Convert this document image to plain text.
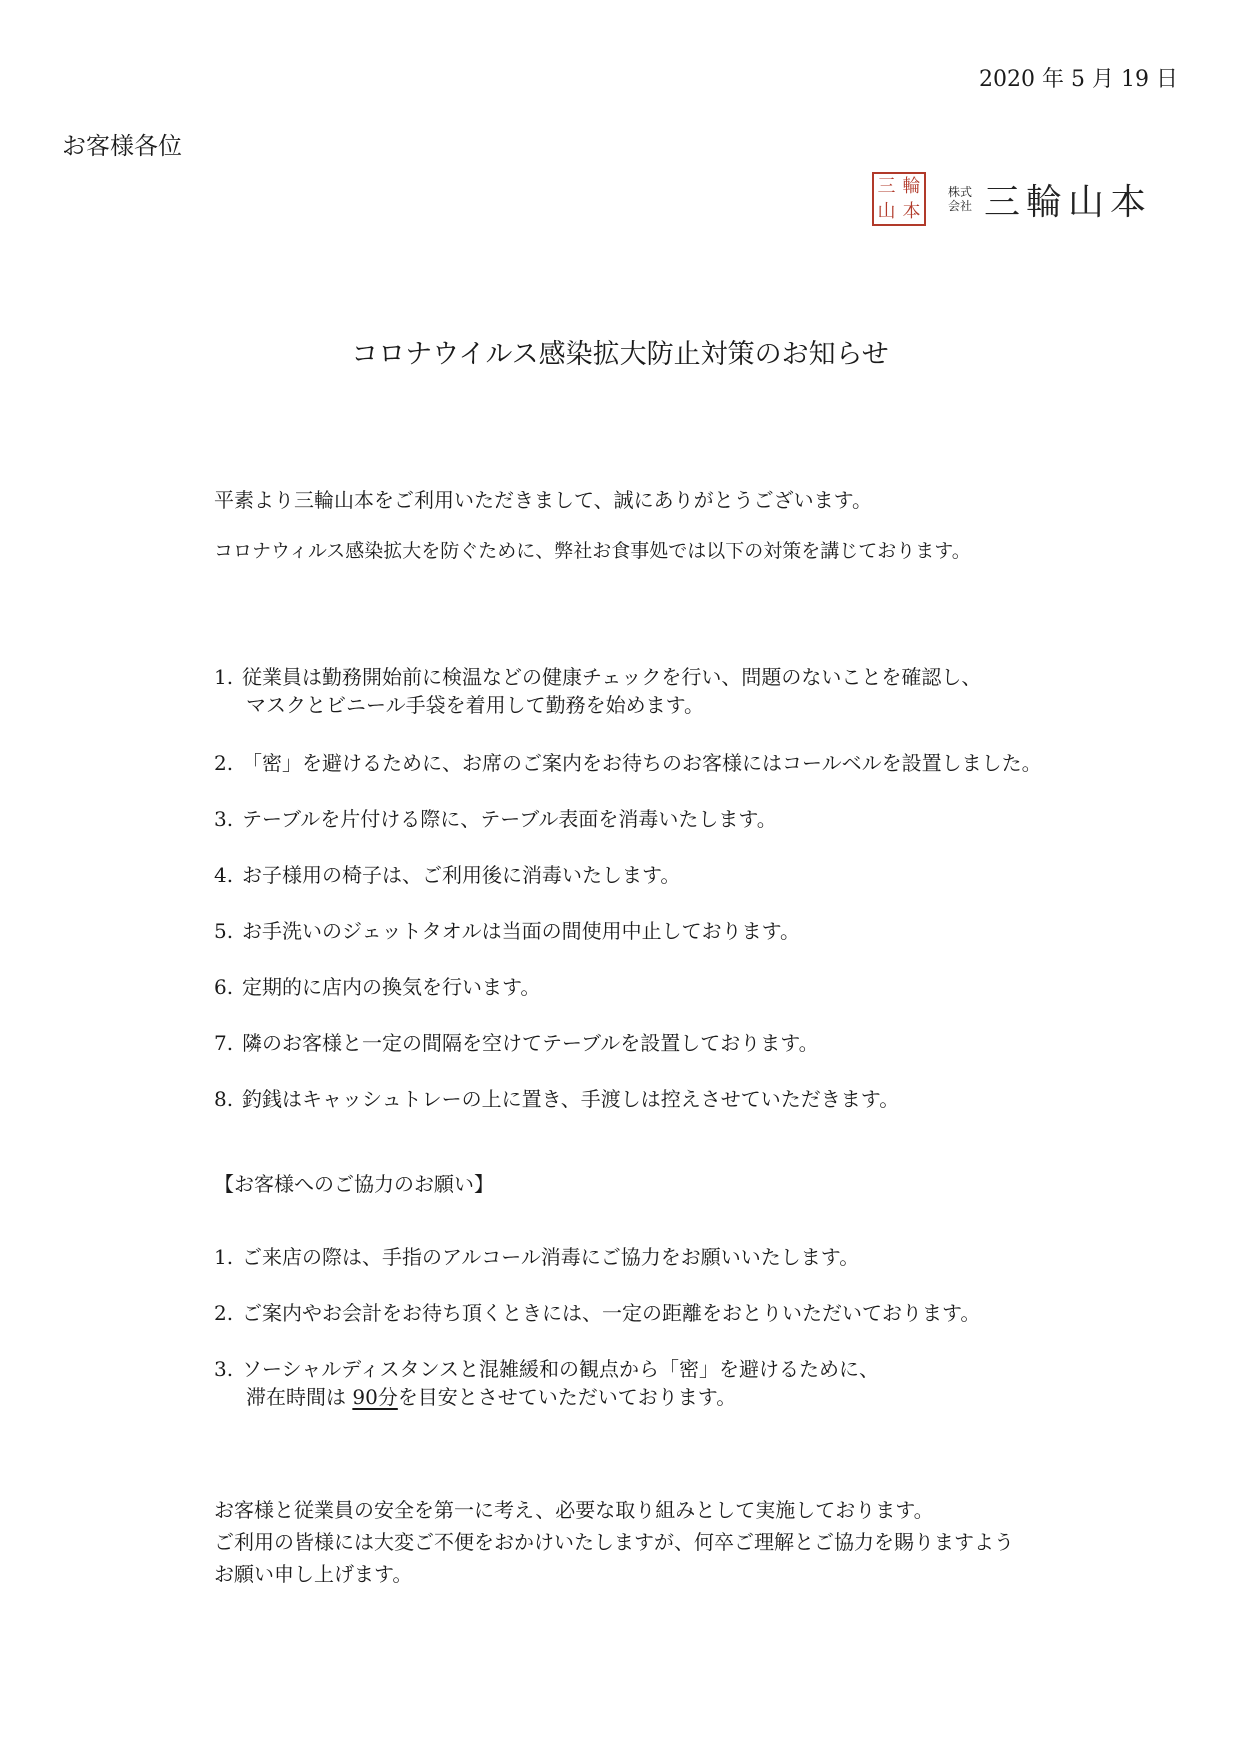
2020 年 5 月 19 日
お客様各位
三 輪
山 本
株式
会社 三輪山本
コロナウイルス感染拡大防止対策のお知らせ
平素より三輪山本をご利用いただきまして、誠にありがとうございます。
コロナウィルス感染拡大を防ぐために、弊社お食事処では以下の対策を講じております。
1. 従業員は勤務開始前に検温などの健康チェックを行い、問題のないことを確認し、
マスクとビニール手袋を着用して勤務を始めます。
2. 「密」を避けるために、お席のご案内をお待ちのお客様にはコールベルを設置しました。
3. テーブルを片付ける際に、テーブル表面を消毒いたします。
4. お子様用の椅子は、ご利用後に消毒いたします。
5. お手洗いのジェットタオルは当面の間使用中止しております。
6. 定期的に店内の換気を行います。
7. 隣のお客様と一定の間隔を空けてテーブルを設置しております。
8. 釣銭はキャッシュトレーの上に置き、手渡しは控えさせていただきます。
【お客様へのご協力のお願い】
1. ご来店の際は、手指のアルコール消毒にご協力をお願いいたします。
2. ご案内やお会計をお待ち頂くときには、一定の距離をおとりいただいております。
3. ソーシャルディスタンスと混雑緩和の観点から「密」を避けるために、
滞在時間は 90分を目安とさせていただいております。
お客様と従業員の安全を第一に考え、必要な取り組みとして実施しております。
ご利用の皆様には大変ご不便をおかけいたしますが、何卒ご理解とご協力を賜りますよう
お願い申し上げます。
